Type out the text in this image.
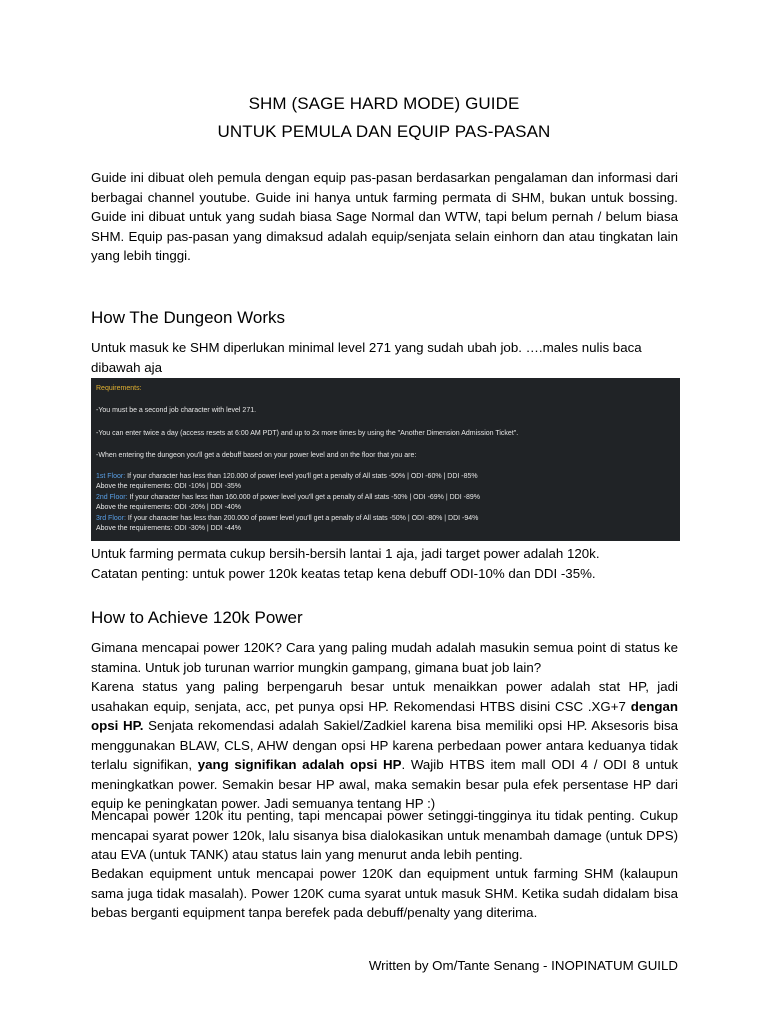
SHM (SAGE HARD MODE) GUIDE
UNTUK PEMULA DAN EQUIP PAS-PASAN
Guide ini dibuat oleh pemula dengan equip pas-pasan berdasarkan pengalaman dan informasi dari berbagai channel youtube. Guide ini hanya untuk farming permata di SHM, bukan untuk bossing. Guide ini dibuat untuk yang sudah biasa Sage Normal dan WTW, tapi belum pernah / belum biasa SHM. Equip pas-pasan yang dimaksud adalah equip/senjata selain einhorn dan atau tingkatan lain yang lebih tinggi.
How The Dungeon Works
Untuk masuk ke SHM diperlukan minimal level 271 yang sudah ubah job. ….males nulis baca dibawah aja
Requirements:
-You must be a second job character with level 271.
-You can enter twice a day (access resets at 6:00 AM PDT) and up to 2x more times by using the "Another Dimension Admission Ticket".
-When entering the dungeon you'll get a debuff based on your power level and on the floor that you are:
1st Floor: If your character has less than 120.000 of power level you'll get a penalty of All stats -50% | ODI -60% | DDI -85%
Above the requirements: ODI -10% | DDI -35%
2nd Floor: If your character has less than 160.000 of power level you'll get a penalty of All stats -50% | ODI -69% | DDI -89%
Above the requirements: ODI -20% | DDI -40%
3rd Floor: If your character has less than 200.000 of power level you'll get a penalty of All stats -50% | ODI -80% | DDI -94%
Above the requirements: ODI -30% | DDI -44%
Untuk farming permata cukup bersih-bersih lantai 1 aja, jadi target power adalah 120k.
Catatan penting: untuk power 120k keatas tetap kena debuff ODI-10% dan DDI -35%.
How to Achieve 120k Power
Gimana mencapai power 120K? Cara yang paling mudah adalah masukin semua point di status ke stamina. Untuk job turunan warrior mungkin gampang, gimana buat job lain?
Karena status yang paling berpengaruh besar untuk menaikkan power adalah stat HP, jadi usahakan equip, senjata, acc, pet punya opsi HP. Rekomendasi HTBS disini CSC .XG+7 dengan opsi HP. Senjata rekomendasi adalah Sakiel/Zadkiel karena bisa memiliki opsi HP. Aksesoris bisa menggunakan BLAW, CLS, AHW dengan opsi HP karena perbedaan power antara keduanya tidak terlalu signifikan, yang signifikan adalah opsi HP. Wajib HTBS item mall ODI 4 / ODI 8 untuk meningkatkan power. Semakin besar HP awal, maka semakin besar pula efek persentase HP dari equip ke peningkatan power. Jadi semuanya tentang HP :)
Mencapai power 120k itu penting, tapi mencapai power setinggi-tingginya itu tidak penting. Cukup mencapai syarat power 120k, lalu sisanya bisa dialokasikan untuk menambah damage (untuk DPS) atau EVA (untuk TANK) atau status lain yang menurut anda lebih penting.
Bedakan equipment untuk mencapai power 120K dan equipment untuk farming SHM (kalaupun sama juga tidak masalah). Power 120K cuma syarat untuk masuk SHM. Ketika sudah didalam bisa bebas berganti equipment tanpa berefek pada debuff/penalty yang diterima.
Written by Om/Tante Senang - INOPINATUM GUILD
